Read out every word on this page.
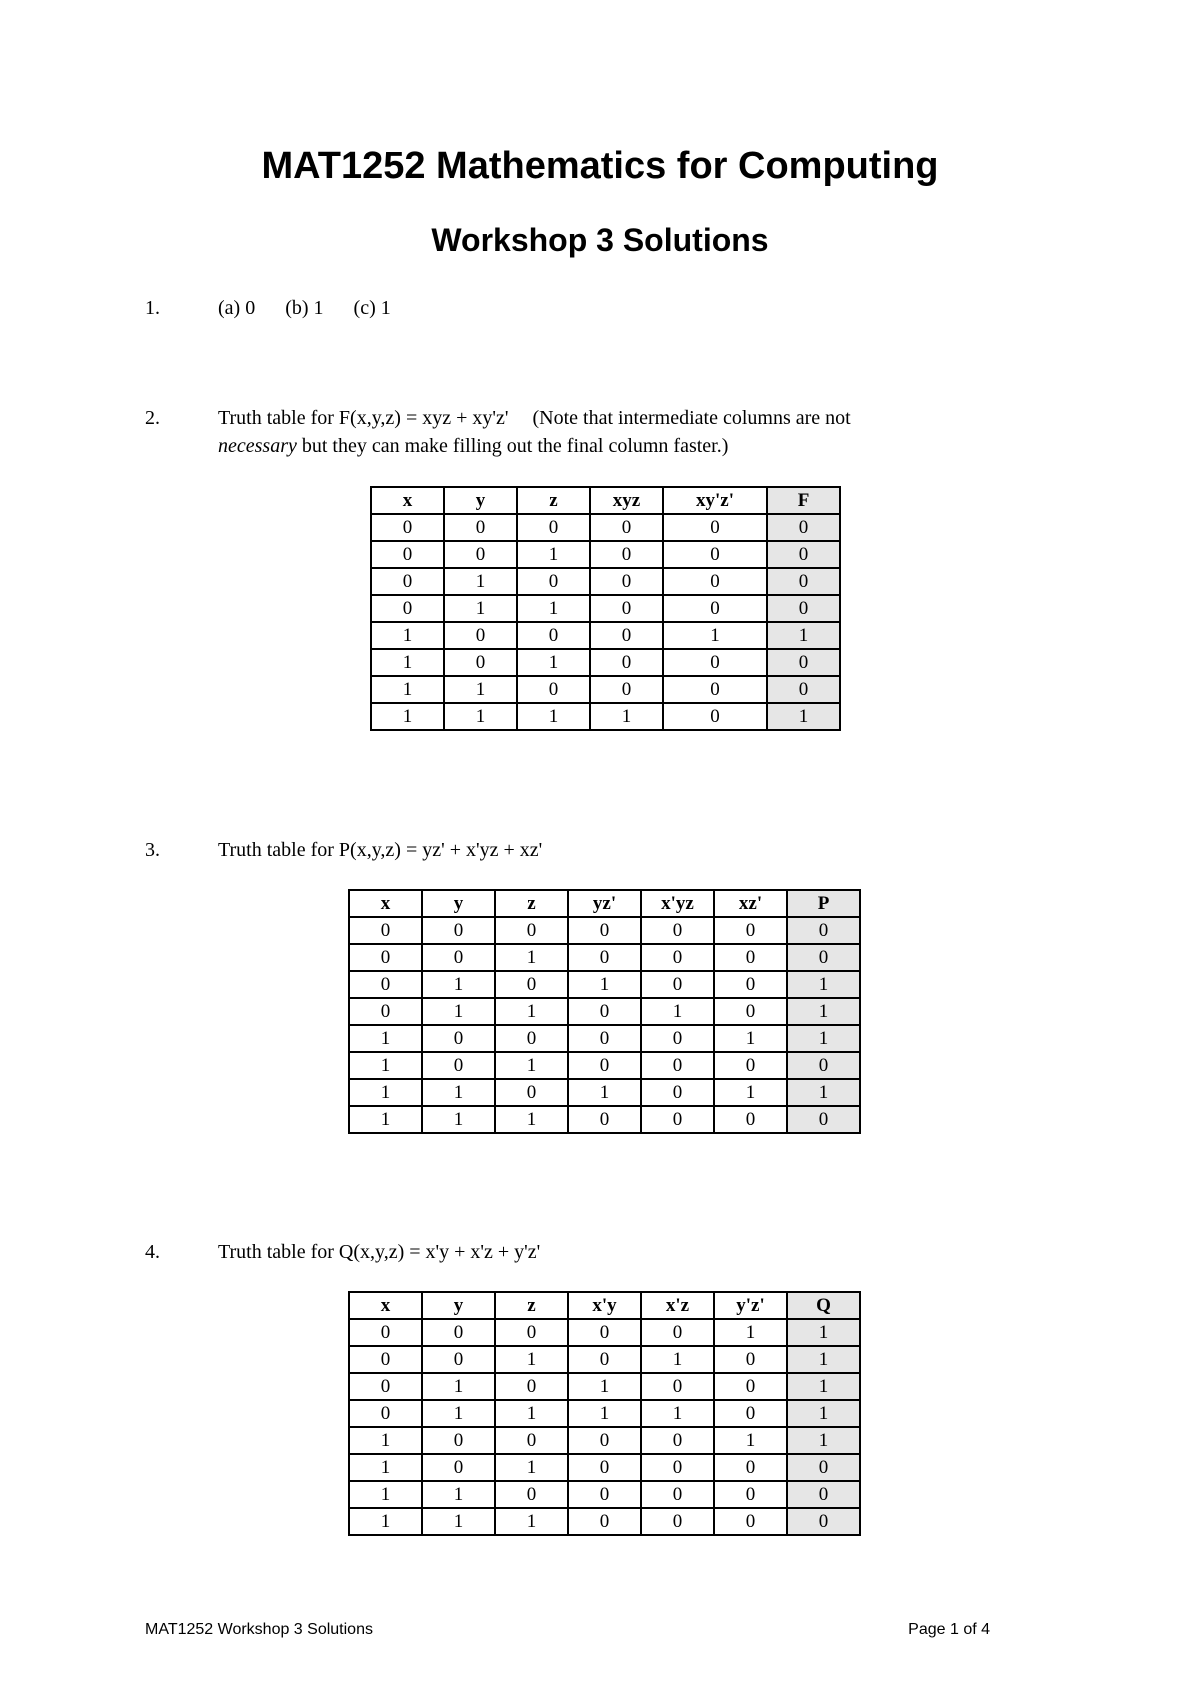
MAT1252 Mathematics for Computing
Workshop 3 Solutions
1.	(a) 0 (b) 1 (c) 1
2.	Truth table for F(x,y,z) = xyz + xy'z' (Note that intermediate columns are not
necessary but they can make filling out the final column faster.)
x	y	z	xyz	xy'z'	F
0	0	0	0	0	0
0	0	1	0	0	0
0	1	0	0	0	0
0	1	1	0	0	0
1	0	0	0	1	1
1	0	1	0	0	0
1	1	0	0	0	0
1	1	1	1	0	1
3.	Truth table for P(x,y,z) = yz' + x'yz + xz'
x	y	z	yz'	x'yz	xz'	P
0	0	0	0	0	0	0
0	0	1	0	0	0	0
0	1	0	1	0	0	1
0	1	1	0	1	0	1
1	0	0	0	0	1	1
1	0	1	0	0	0	0
1	1	0	1	0	1	1
1	1	1	0	0	0	0
4.	Truth table for Q(x,y,z) = x'y + x'z + y'z'
x	y	z	x'y	x'z	y'z'	Q
0	0	0	0	0	1	1
0	0	1	0	1	0	1
0	1	0	1	0	0	1
0	1	1	1	1	0	1
1	0	0	0	0	1	1
1	0	1	0	0	0	0
1	1	0	0	0	0	0
1	1	1	0	0	0	0
MAT1252 Workshop 3 Solutions	Page 1 of 4
